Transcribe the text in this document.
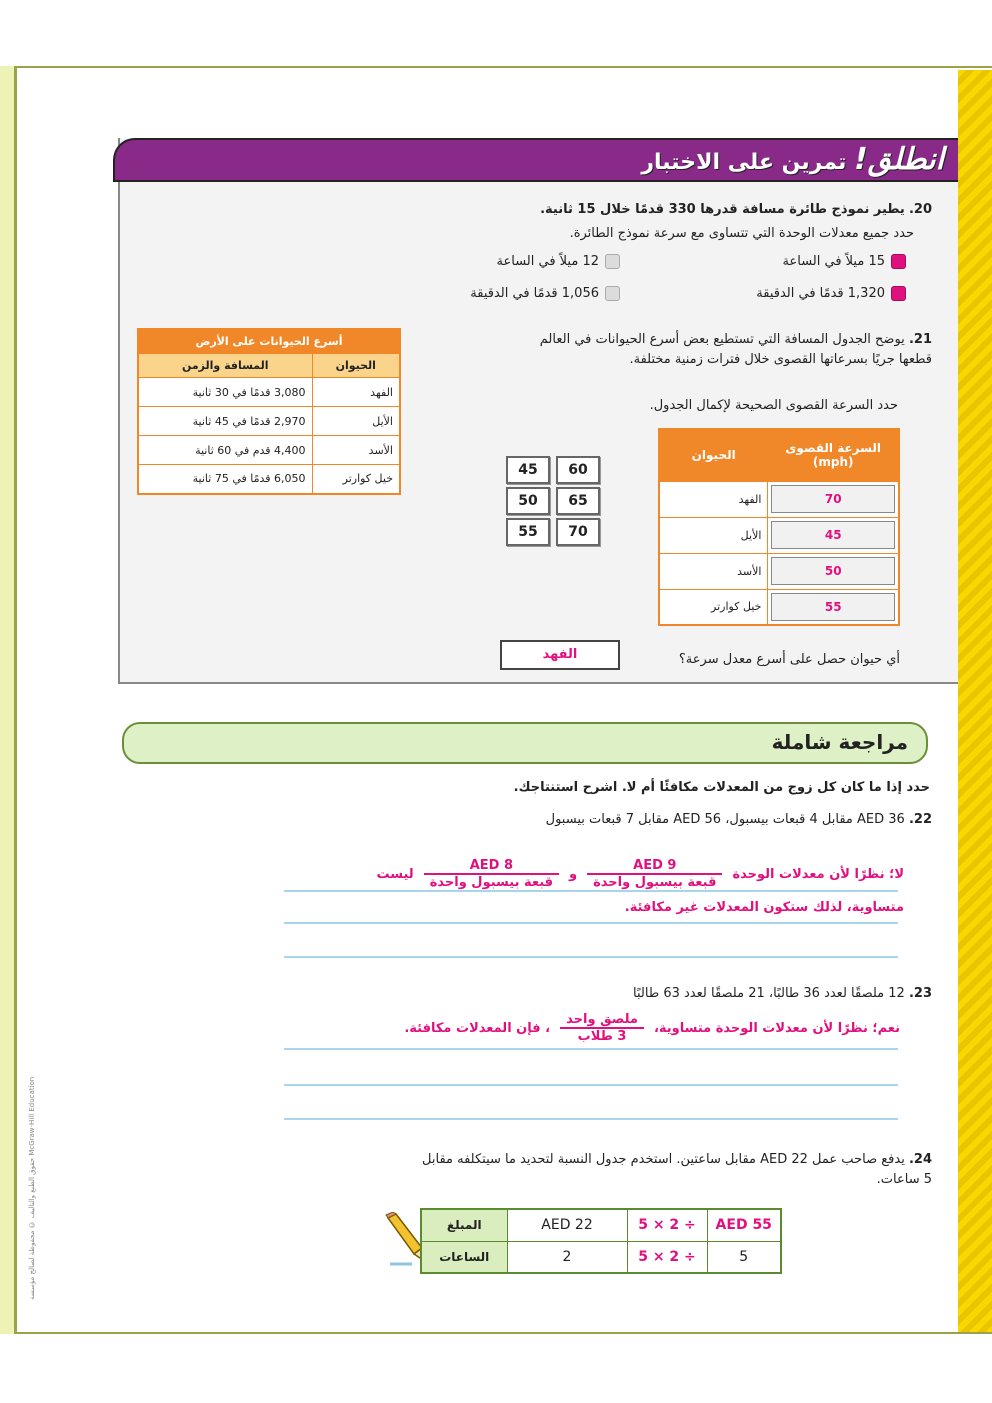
انطلق! تمرين على الاختبار
20. يطير نموذج طائرة مسافة قدرها 330 قدمًا خلال 15 ثانية.
حدد جميع معدلات الوحدة التي تتساوى مع سرعة نموذج الطائرة.
15 ميلاً في الساعة
12 ميلاً في الساعة
1,320 قدمًا في الدقيقة
1,056 قدمًا في الدقيقة
21. يوضح الجدول المسافة التي تستطيع بعض أسرع الحيوانات في العالم
قطعها جريًا بسرعاتها القصوى خلال فترات زمنية مختلفة.
حدد السرعة القصوى الصحيحة لإكمال الجدول.
أسرع الحيوانات على الأرض	
المسافة والزمن	الحيوان
3,080 قدمًا في 30 ثانية	الفهد
2,970 قدمًا في 45 ثانية	الأيل
4,400 قدم في 60 ثانية	الأسد
6,050 قدمًا في 75 ثانية	خيل كوارتر
45	60
50	65
55	70
الحيوان	السرعة القصوى (mph)
الفهد	70

الأيل	45

الأسد	50

خيل كوارتر	55
أي حيوان حصل على أسرع معدل سرعة؟
الفهد
مراجعة شاملة
حدد إذا ما كان كل زوج من المعدلات مكافئًا أم لا. اشرح استنتاجك.
22. AED 36 مقابل 4 قبعات بيسبول، AED 56 مقابل 7 قبعات بيسبول
لا؛ نظرًا لأن معدلات الوحدة
$\frac{\text{AED 9}}{\text{قبعة بيسبول واحدة}}$
و
$\frac{\text{AED 8}}{\text{قبعة بيسبول واحدة}}$
ليست
متساوية، لذلك ستكون المعدلات غير مكافئة.
23. 12 ملصقًا لعدد 36 طالبًا، 21 ملصقًا لعدد 63 طالبًا
نعم؛ نظرًا لأن معدلات الوحدة متساوية،
$\frac{\text{ملصق واحد}}{\text{3 طلاب}}$
، فإن المعدلات مكافئة.
24. يدفع صاحب عمل AED 22 مقابل ساعتين. استخدم جدول النسبة لتحديد ما سيتكلفه مقابل
5 ساعات.
المبلغ	AED 22	5 × 2 ÷	AED 55
الساعات	2	5 × 2 ÷	5
حقوق الطبع والتأليف © محفوظة لصالح مؤسسة McGraw-Hill Education
